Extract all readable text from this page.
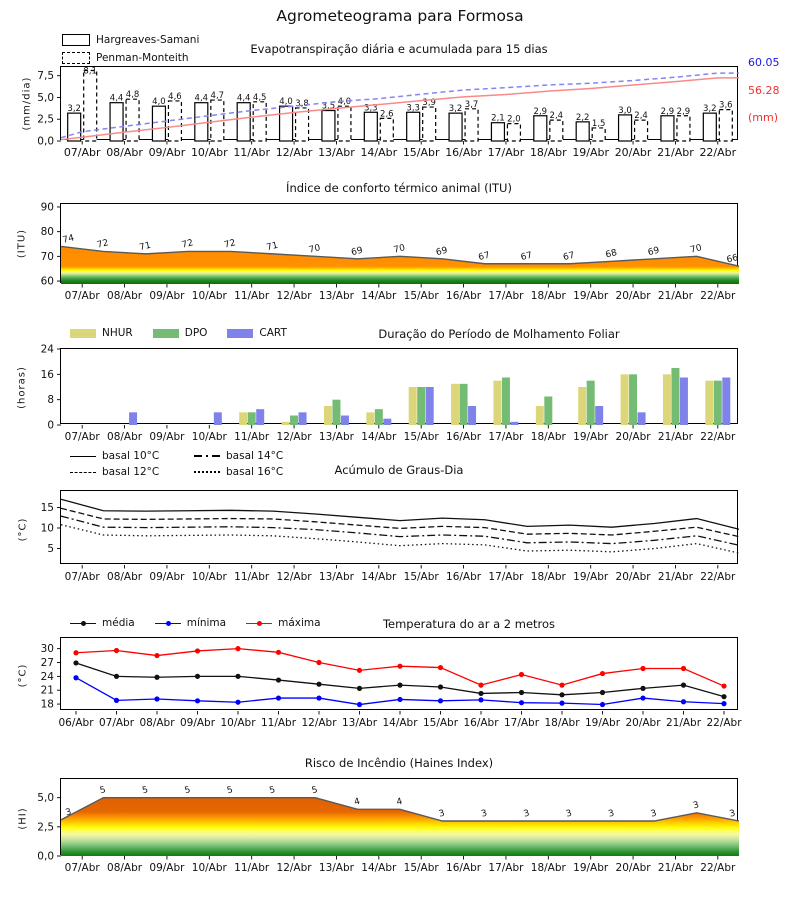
Agrometeograma para Formosa
Hargreaves-Samani
Penman-Monteith
Evapotranspiração diária e acumulada para 15 dias
(mm/dia)	3,2
8,1
4,4 4,8
4,0
4,6 4,4 4,7 4,4 4,5 4,0 3,8 3,5 4,0
3,3
2,6
3,3
3,9
3,2 3,7
2,1 2,0
2,9 2,4 2,2
1,5
3,0
2,4 2,9 2,9 3,2 3,6
07/Abr 08/Abr 09/Abr 10/Abr 11/Abr 12/Abr 13/Abr 14/Abr 15/Abr 16/Abr 17/Abr 18/Abr 19/Abr 20/Abr 21/Abr 22/Abr
0,0
2,5
5,0
7,5
60.05
56.28
(mm)
Índice de conforto térmico animal (ITU)
(ITU)	74 72	71	72	72	71	70	69	70	69	67	67	67	68	69	70
66
07/Abr 08/Abr 09/Abr 10/Abr 11/Abr 12/Abr 13/Abr 14/Abr 15/Abr 16/Abr 17/Abr 18/Abr 19/Abr 20/Abr 21/Abr 22/Abr
60
70
80
90
NHUR	DPO	CART	Duração do Período de Molhamento Foliar
(horas)
07/Abr 08/Abr 09/Abr 10/Abr 11/Abr 12/Abr 13/Abr 14/Abr 15/Abr 16/Abr 17/Abr 18/Abr 19/Abr 20/Abr 21/Abr 22/Abr
0
8
16
24
basal 10°C	basal 14°C
basal 12°C	basal 16°C	Acúmulo de Graus-Dia
(°C)
07/Abr 08/Abr 09/Abr 10/Abr 11/Abr 12/Abr 13/Abr 14/Abr 15/Abr 16/Abr 17/Abr 18/Abr 19/Abr 20/Abr 21/Abr 22/Abr
5
10
15
média	mínima	máxima	Temperatura do ar a 2 metros
(°C)
06/Abr 07/Abr 08/Abr 09/Abr 10/Abr 11/Abr 12/Abr 13/Abr 14/Abr 15/Abr 16/Abr 17/Abr 18/Abr 19/Abr 20/Abr 21/Abr 22/Abr
18
21
24
27
30
Risco de Incêndio (Haines Index)
(HI)	3
5	5	5	5	5	5
4	4
3	3	3	3	3	3
3
3
07/Abr 08/Abr 09/Abr 10/Abr 11/Abr 12/Abr 13/Abr 14/Abr 15/Abr 16/Abr 17/Abr 18/Abr 19/Abr 20/Abr 21/Abr 22/Abr
0,0
2,5
5,0
